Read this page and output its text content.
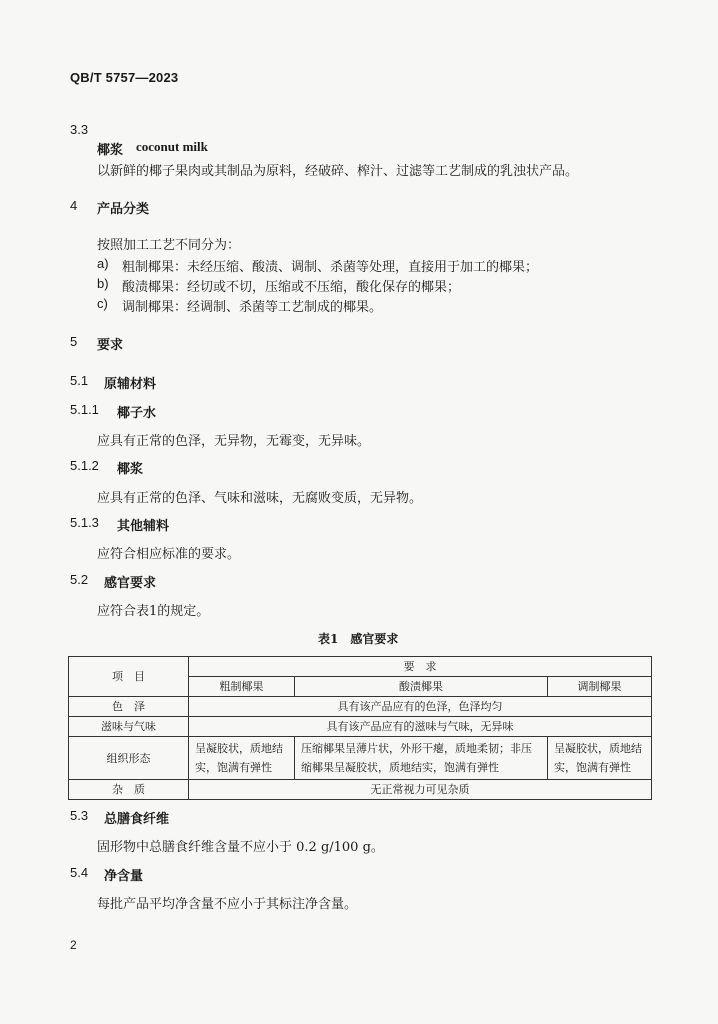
QB/T 5757—2023
3.3
椰浆 coconut milk
以新鲜的椰子果肉或其制品为原料，经破碎、榨汁、过滤等工艺制成的乳浊状产品。
4 产品分类
按照加工工艺不同分为：
a) 粗制椰果：未经压缩、酸渍、调制、杀菌等处理，直接用于加工的椰果；
b) 酸渍椰果：经切或不切，压缩或不压缩，酸化保存的椰果；
c) 调制椰果：经调制、杀菌等工艺制成的椰果。
5 要求
5.1 原辅材料
5.1.1 椰子水
应具有正常的色泽，无异物，无霉变，无异味。
5.1.2 椰浆
应具有正常的色泽、气味和滋味，无腐败变质，无异物。
5.1.3 其他辅料
应符合相应标准的要求。
5.2 感官要求
应符合表1的规定。
表1　感官要求
项　目	要　求		
	粗制椰果	酸渍椰果	调制椰果
色　泽	具有该产品应有的色泽，色泽均匀		
滋味与气味	具有该产品应有的滋味与气味，无异味		
组织形态	呈凝胶状，质地结实，饱满有弹性	压缩椰果呈薄片状，外形干瘪，质地柔韧；非压缩椰果呈凝胶状，质地结实，饱满有弹性	呈凝胶状，质地结实，饱满有弹性
杂　质	无正常视力可见杂质		
5.3 总膳食纤维
固形物中总膳食纤维含量不应小于 0.2 g/100 g。
5.4 净含量
每批产品平均净含量不应小于其标注净含量。
2
